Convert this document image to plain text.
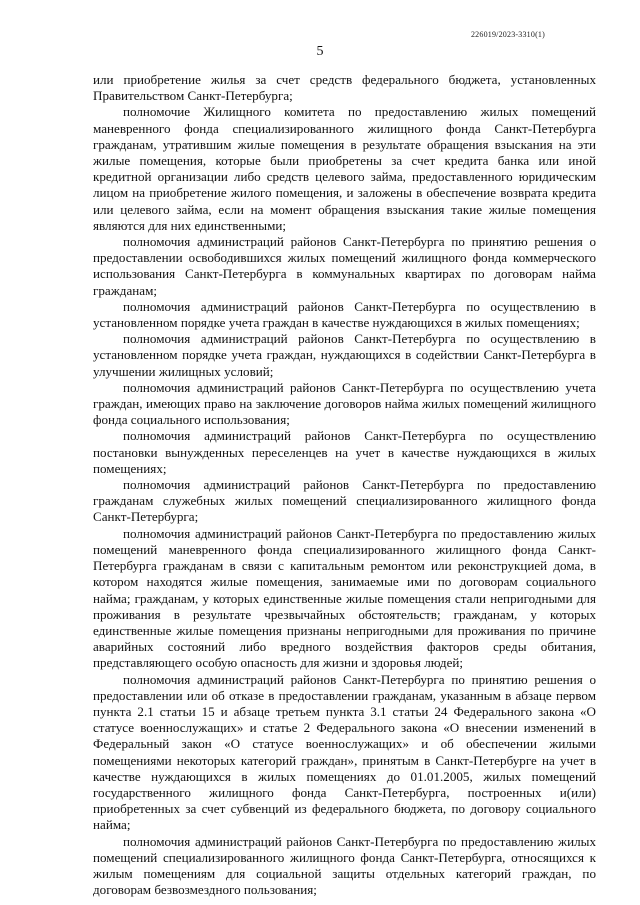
226019/2023-3310(1)
5

или приобретение жилья за счет средств федерального бюджета, установленных Правительством Санкт-Петербурга;

полномочие Жилищного комитета по предоставлению жилых помещений маневренного фонда специализированного жилищного фонда Санкт-Петербурга гражданам, утратившим жилые помещения в результате обращения взыскания на эти жилые помещения, которые были приобретены за счет кредита банка или иной кредитной организации либо средств целевого займа, предоставленного юридическим лицом на приобретение жилого помещения, и заложены в обеспечение возврата кредита или целевого займа, если на момент обращения взыскания такие жилые помещения являются для них единственными;

полномочия администраций районов Санкт-Петербурга по принятию решения о предоставлении освободившихся жилых помещений жилищного фонда коммерческого использования Санкт-Петербурга в коммунальных квартирах по договорам найма гражданам;

полномочия администраций районов Санкт-Петербурга по осуществлению в установленном порядке учета граждан в качестве нуждающихся в жилых помещениях;

полномочия администраций районов Санкт-Петербурга по осуществлению в установленном порядке учета граждан, нуждающихся в содействии Санкт-Петербурга в улучшении жилищных условий;

полномочия администраций районов Санкт-Петербурга по осуществлению учета граждан, имеющих право на заключение договоров найма жилых помещений жилищного фонда социального использования;

полномочия администраций районов Санкт-Петербурга по осуществлению постановки вынужденных переселенцев на учет в качестве нуждающихся в жилых помещениях;

полномочия администраций районов Санкт-Петербурга по предоставлению гражданам служебных жилых помещений специализированного жилищного фонда Санкт-Петербурга;

полномочия администраций районов Санкт-Петербурга по предоставлению жилых помещений маневренного фонда специализированного жилищного фонда Санкт-Петербурга гражданам в связи с капитальным ремонтом или реконструкцией дома, в котором находятся жилые помещения, занимаемые ими по договорам социального найма; гражданам, у которых единственные жилые помещения стали непригодными для проживания в результате чрезвычайных обстоятельств; гражданам, у которых единственные жилые помещения признаны непригодными для проживания по причине аварийных состояний либо вредного воздействия факторов среды обитания, представляющего особую опасность для жизни и здоровья людей;

полномочия администраций районов Санкт-Петербурга по принятию решения о предоставлении или об отказе в предоставлении гражданам, указанным в абзаце первом пункта 2.1 статьи 15 и абзаце третьем пункта 3.1 статьи 24 Федерального закона «О статусе военнослужащих» и статье 2 Федерального закона «О внесении изменений в Федеральный закон «О статусе военнослужащих» и об обеспечении жилыми помещениями некоторых категорий граждан», принятым в Санкт-Петербурге на учет в качестве нуждающихся в жилых помещениях до 01.01.2005, жилых помещений государственного жилищного фонда Санкт-Петербурга, построенных и(или) приобретенных за счет субвенций из федерального бюджета, по договору социального найма;

полномочия администраций районов Санкт-Петербурга по предоставлению жилых помещений специализированного жилищного фонда Санкт-Петербурга, относящихся к жилым помещениям для социальной защиты отдельных категорий граждан, по договорам безвозмездного пользования;
